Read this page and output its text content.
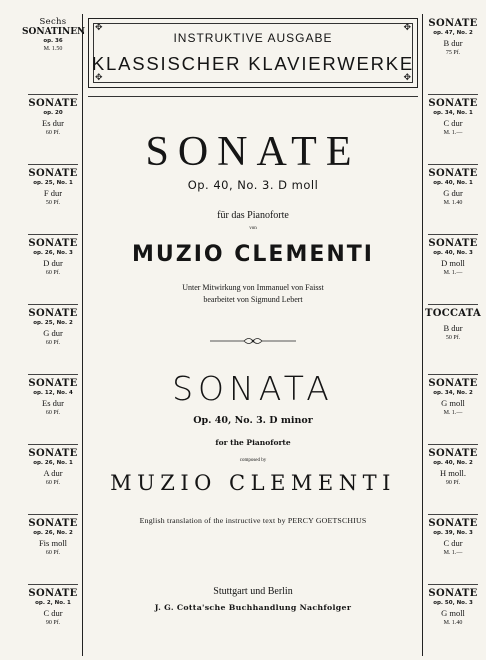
Sechs
SONATINEN
op. 36
M. 1.50
SONATE
op. 20
Es dur
60 Pf.
SONATE
op. 25, No. 1
F dur
50 Pf.
SONATE
op. 26, No. 3
D dur
60 Pf.
SONATE
op. 25, No. 2
G dur
60 Pf.
SONATE
op. 12, No. 4
Es dur
60 Pf.
SONATE
op. 26, No. 1
A dur
60 Pf.
SONATE
op. 26, No. 2
Fis moll
60 Pf.
SONATE
op. 2, No. 1
C dur
90 Pf.
✥	✥
✥	✥
INSTRUKTIVE AUSGABE
KLASSISCHER KLAVIERWERKE
SONATE
Op. 40, No. 3. D moll
für das Pianoforte
von
MUZIO CLEMENTI
Unter Mitwirkung von Immanuel von Faisst
bearbeitet von Sigmund Lebert
SONATA
Op. 40, No. 3. D minor
for the Pianoforte
composed by
MUZIO CLEMENTI
English translation of the instructive text by PERCY GOETSCHIUS
Stuttgart und Berlin
J. G. Cotta'sche Buchhandlung Nachfolger
SONATE
op. 47, No. 2
B dur
75 Pf.
SONATE
op. 34, No. 1
C dur
M. 1.—
SONATE
op. 40, No. 1
G dur
M. 1.40
SONATE
op. 40, No. 3
D moll
M. 1.—
TOCCATA
B dur
50 Pf.
SONATE
op. 34, No. 2
G moll
M. 1.—
SONATE
op. 40, No. 2
H moll.
90 Pf.
SONATE
op. 39, No. 3
C dur
M. 1.—
SONATE
op. 50, No. 3
G moll
M. 1.40
